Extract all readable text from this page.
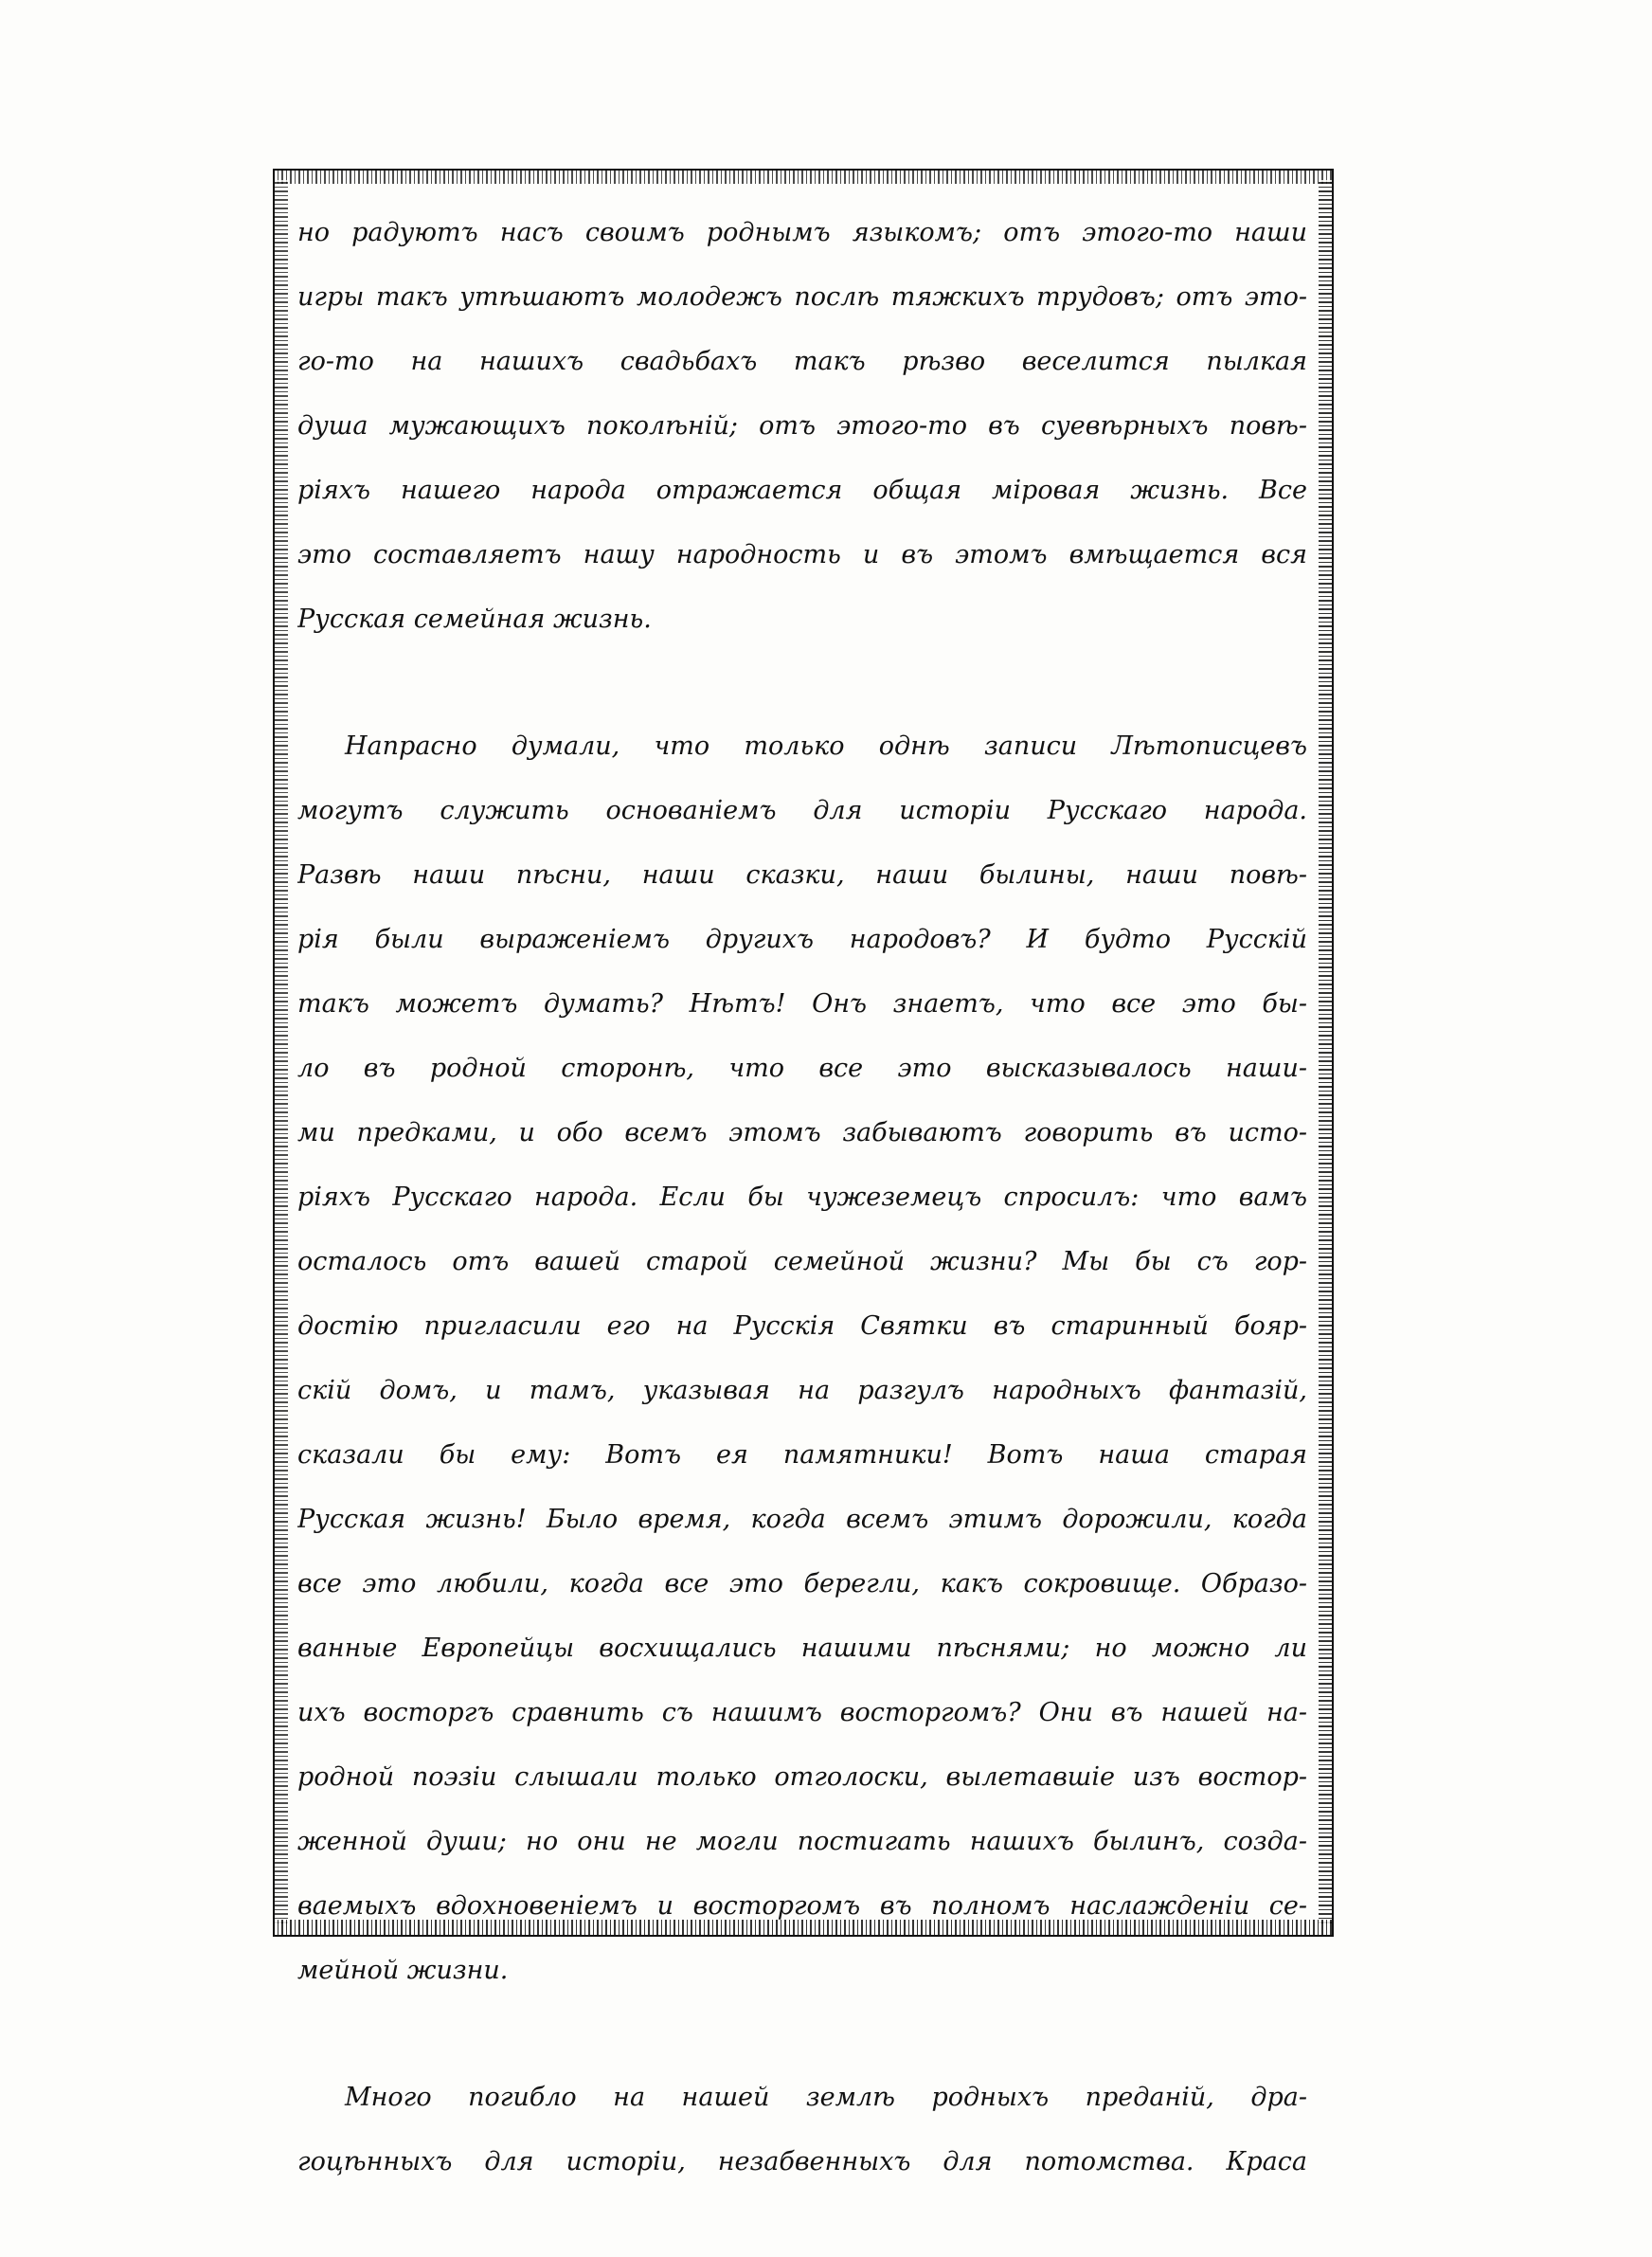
но радуютъ насъ своимъ роднымъ языкомъ; отъ этого-то наши
игры такъ утѣшаютъ молодежъ послѣ тяжкихъ трудовъ; отъ это-
го-то на нашихъ свадьбахъ такъ рѣзво веселится пылкая
душа мужающихъ поколѣній; отъ этого-то въ суевѣрныхъ повѣ-
ріяхъ нашего народа отражается общая міровая жизнь. Все
это составляетъ нашу народность и въ этомъ вмѣщается вся
Русская семейная жизнь.
Напрасно думали, что только однѣ записи Лѣтописцевъ
могутъ служить основаніемъ для исторіи Русскаго народа.
Развѣ наши пѣсни, наши сказки, наши былины, наши повѣ-
рія были выраженіемъ другихъ народовъ? И будто Русскій
такъ можетъ думать? Нѣтъ! Онъ знаетъ, что все это бы-
ло въ родной сторонѣ, что все это высказывалось наши-
ми предками, и обо всемъ этомъ забываютъ говорить въ исто-
ріяхъ Русскаго народа. Если бы чужеземецъ спросилъ: что вамъ
осталось отъ вашей старой семейной жизни? Мы бы съ гор-
достію пригласили его на Русскія Святки въ старинный бояр-
скій домъ, и тамъ, указывая на разгулъ народныхъ фантазій,
сказали бы ему: Вотъ ея памятники! Вотъ наша старая
Русская жизнь! Было время, когда всемъ этимъ дорожили, когда
все это любили, когда все это берегли, какъ сокровище. Образо-
ванные Европейцы восхищались нашими пѣснями; но можно ли
ихъ восторгъ сравнить съ нашимъ восторгомъ? Они въ нашей на-
родной поэзіи слышали только отголоски, вылетавшіе изъ востор-
женной души; но они не могли постигать нашихъ былинъ, созда-
ваемыхъ вдохновеніемъ и восторгомъ въ полномъ наслажденіи се-
мейной жизни.
Много погибло на нашей землѣ родныхъ преданій, дра-
гоцѣнныхъ для исторіи, незабвенныхъ для потомства. Краса
